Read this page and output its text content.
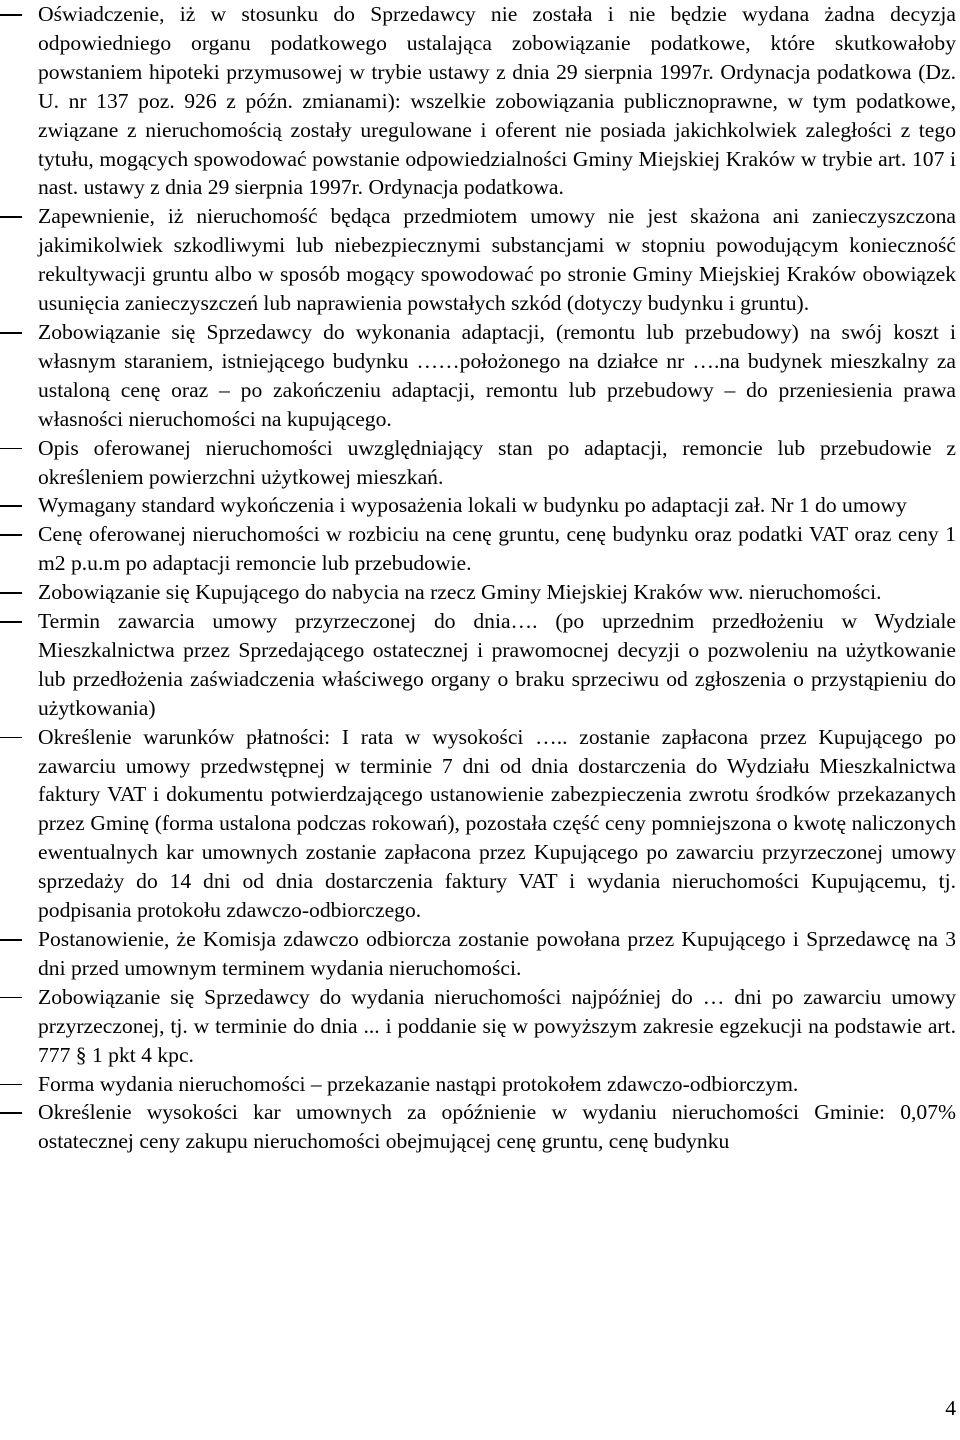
Oświadczenie, iż w stosunku do Sprzedawcy nie została i nie będzie wydana żadna decyzja odpowiedniego organu podatkowego ustalająca zobowiązanie podatkowe, które skutkowałoby powstaniem hipoteki przymusowej w trybie ustawy z dnia 29 sierpnia 1997r. Ordynacja podatkowa (Dz. U. nr 137 poz. 926 z późn. zmianami): wszelkie zobowiązania publicznoprawne, w tym podatkowe, związane z nieruchomością zostały uregulowane i oferent nie posiada jakichkolwiek zaległości z tego tytułu, mogących spowodować powstanie odpowiedzialności Gminy Miejskiej Kraków w trybie art. 107 i nast. ustawy z dnia 29 sierpnia 1997r. Ordynacja podatkowa.
Zapewnienie, iż nieruchomość będąca przedmiotem umowy nie jest skażona ani zanieczyszczona jakimikolwiek szkodliwymi lub niebezpiecznymi substancjami w stopniu powodującym konieczność rekultywacji gruntu albo w sposób mogący spowodować po stronie Gminy Miejskiej Kraków obowiązek usunięcia zanieczyszczeń lub naprawienia powstałych szkód (dotyczy budynku i gruntu).
Zobowiązanie się Sprzedawcy do wykonania adaptacji, (remontu lub przebudowy) na swój koszt i własnym staraniem, istniejącego budynku ……położonego na działce nr ….na budynek mieszkalny za ustaloną cenę oraz – po zakończeniu adaptacji, remontu lub przebudowy – do przeniesienia prawa własności nieruchomości na kupującego.
Opis oferowanej nieruchomości uwzględniający stan po adaptacji, remoncie lub przebudowie z określeniem powierzchni użytkowej mieszkań.
Wymagany standard wykończenia i wyposażenia lokali w budynku po adaptacji zał. Nr 1 do umowy
Cenę oferowanej nieruchomości w rozbiciu na cenę gruntu, cenę budynku oraz podatki VAT oraz ceny 1 m2 p.u.m po adaptacji remoncie lub przebudowie.
Zobowiązanie się Kupującego do nabycia na rzecz Gminy Miejskiej Kraków ww. nieruchomości.
Termin zawarcia umowy przyrzeczonej do dnia…. (po uprzednim przedłożeniu w Wydziale Mieszkalnictwa przez Sprzedającego ostatecznej i prawomocnej decyzji o pozwoleniu na użytkowanie lub przedłożenia zaświadczenia właściwego organy o braku sprzeciwu od zgłoszenia o przystąpieniu do użytkowania)
Określenie warunków płatności: I rata w wysokości ….. zostanie zapłacona przez Kupującego po zawarciu umowy przedwstępnej w terminie 7 dni od dnia dostarczenia do Wydziału Mieszkalnictwa faktury VAT i dokumentu potwierdzającego ustanowienie zabezpieczenia zwrotu środków przekazanych przez Gminę (forma ustalona podczas rokowań), pozostała część ceny pomniejszona o kwotę naliczonych ewentualnych kar umownych zostanie zapłacona przez Kupującego po zawarciu przyrzeczonej umowy sprzedaży do 14 dni od dnia dostarczenia faktury VAT i wydania nieruchomości Kupującemu, tj. podpisania protokołu zdawczo-odbiorczego.
Postanowienie, że Komisja zdawczo odbiorcza zostanie powołana przez Kupującego i Sprzedawcę na 3 dni przed umownym terminem wydania nieruchomości.
Zobowiązanie się Sprzedawcy do wydania nieruchomości najpóźniej do … dni po zawarciu umowy przyrzeczonej, tj. w terminie do dnia ... i poddanie się w powyższym zakresie egzekucji na podstawie art. 777 § 1 pkt 4 kpc.
Forma wydania nieruchomości – przekazanie nastąpi protokołem zdawczo-odbiorczym.
Określenie wysokości kar umownych za opóźnienie w wydaniu nieruchomości Gminie: 0,07% ostatecznej ceny zakupu nieruchomości obejmującej cenę gruntu, cenę budynku
4
